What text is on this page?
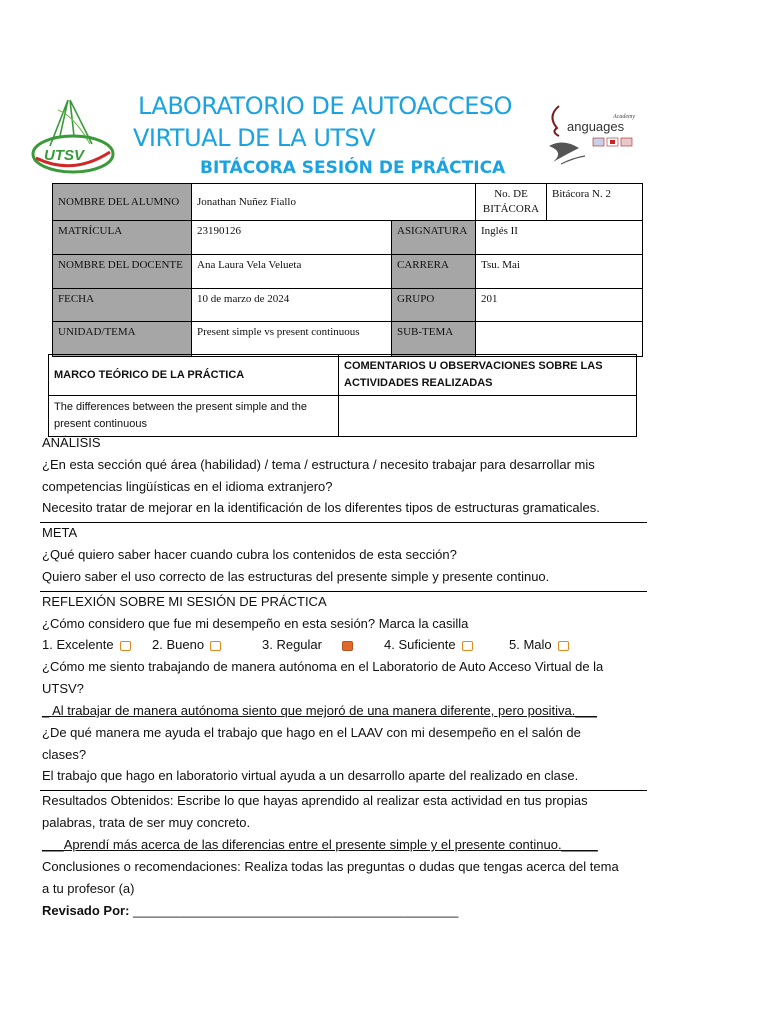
UTSV
LABORATORIO DE AUTOACCESO
VIRTUAL DE LA UTSV
BITÁCORA SESIÓN DE PRÁCTICA
Academy
anguages
NOMBRE DEL ALUMNO	Jonathan Nuñez Fiallo		No. DE BITÁCORA	Bitácora N. 2
MATRÍCULA	23190126	ASIGNATURA	Inglés II	
NOMBRE DEL DOCENTE	Ana Laura Vela Velueta	CARRERA	Tsu. Mai	
FECHA	10 de marzo de 2024	GRUPO	201	
UNIDAD/TEMA	Present simple vs present continuous	SUB-TEMA		
MARCO TEÓRICO DE LA PRÁCTICA	COMENTARIOS U OBSERVACIONES SOBRE LAS ACTIVIDADES REALIZADAS
The differences between the present simple and the present continuous	
ANÁLISIS
¿En esta sección qué área (habilidad) / tema / estructura / necesito trabajar para desarrollar mis
competencias lingüísticas en el idioma extranjero?
Necesito tratar de mejorar en la identificación de los diferentes tipos de estructuras gramaticales.
META
¿Qué quiero saber hacer cuando cubra los contenidos de esta sección?
Quiero saber el uso correcto de las estructuras del presente simple y presente continuo.
REFLEXIÓN SOBRE MI SESIÓN DE PRÁCTICA
¿Cómo considero que fue mi desempeño en esta sesión? Marca la casilla
1. Excelente	2. Bueno	3. Regular	4. Suficiente	5. Malo
¿Cómo me siento trabajando de manera autónoma en el Laboratorio de Auto Acceso Virtual de la
UTSV?
_ Al trabajar de manera autónoma siento que mejoró de una manera diferente, pero positiva.___
¿De qué manera me ayuda el trabajo que hago en el LAAV con mi desempeño en el salón de
clases?
El trabajo que hago en laboratorio virtual ayuda a un desarrollo aparte del realizado en clase.
Resultados Obtenidos: Escribe lo que hayas aprendido al realizar esta actividad en tus propias
palabras, trata de ser muy concreto.
___Aprendí más acerca de las diferencias entre el presente simple y el presente continuo._____
Conclusiones o recomendaciones: Realiza todas las preguntas o dudas que tengas acerca del tema
a tu profesor (a)
Revisado Por: _____________________________________________
